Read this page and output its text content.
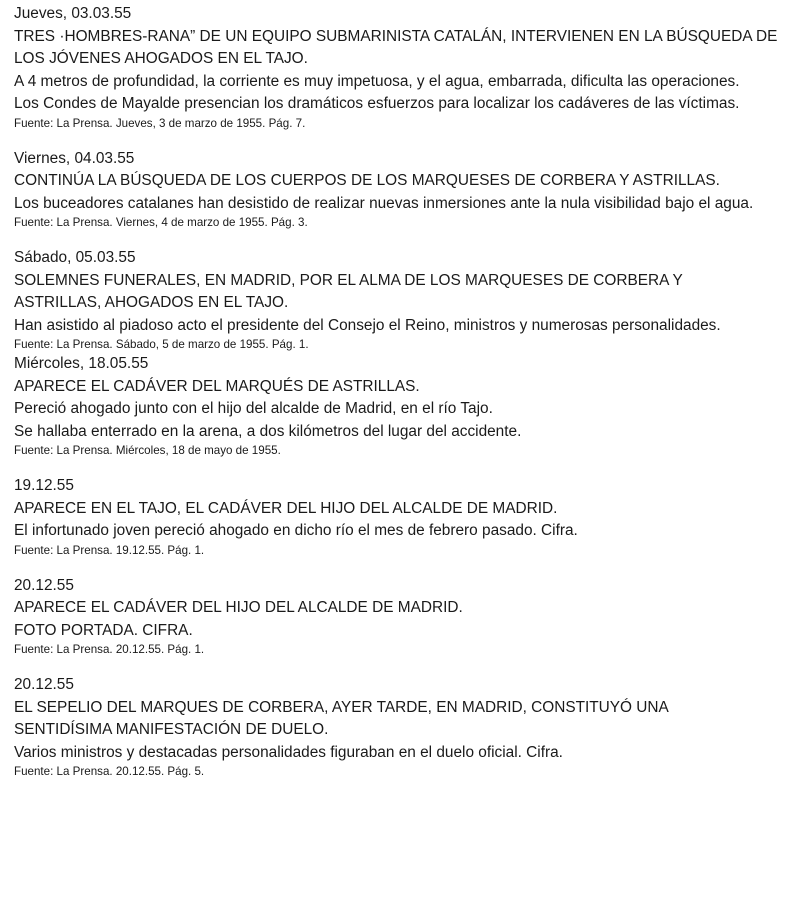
Jueves, 03.03.55
TRES ·HOMBRES-RANA” DE UN EQUIPO SUBMARINISTA CATALÁN, INTERVIENEN EN LA BÚSQUEDA DE LOS JÓVENES AHOGADOS EN EL TAJO.
A 4 metros de profundidad, la corriente es muy impetuosa, y el agua, embarrada, dificulta las operaciones.
Los Condes de Mayalde presencian los dramáticos esfuerzos para localizar los cadáveres de las víctimas.
Fuente: La Prensa. Jueves, 3 de marzo de 1955. Pág. 7.
Viernes, 04.03.55
CONTINÚA LA BÚSQUEDA DE LOS CUERPOS DE LOS MARQUESES DE CORBERA Y ASTRILLAS.
Los buceadores catalanes han desistido de realizar nuevas inmersiones ante la nula visibilidad bajo el agua.
Fuente: La Prensa. Viernes, 4 de marzo de 1955. Pág. 3.
Sábado, 05.03.55
SOLEMNES FUNERALES, EN MADRID, POR EL ALMA DE LOS MARQUESES DE CORBERA Y ASTRILLAS, AHOGADOS EN EL TAJO.
Han asistido al piadoso acto el presidente del Consejo el Reino, ministros y numerosas personalidades.
Fuente: La Prensa. Sábado, 5 de marzo de 1955. Pág. 1.
Miércoles, 18.05.55
APARECE EL CADÁVER DEL MARQUÉS DE ASTRILLAS.
Pereció ahogado junto con el hijo del alcalde de Madrid, en el río Tajo.
Se hallaba enterrado en la arena, a dos kilómetros del lugar del accidente.
Fuente: La Prensa. Miércoles, 18 de mayo de 1955.
19.12.55
APARECE EN EL TAJO, EL CADÁVER DEL HIJO DEL ALCALDE DE MADRID.
El infortunado joven pereció ahogado en dicho río el mes de febrero pasado. Cifra.
Fuente: La Prensa. 19.12.55. Pág. 1.
20.12.55
APARECE EL CADÁVER DEL HIJO DEL ALCALDE DE MADRID.
FOTO PORTADA. CIFRA.
Fuente: La Prensa. 20.12.55. Pág. 1.
20.12.55
EL SEPELIO DEL MARQUES DE CORBERA, AYER TARDE, EN MADRID, CONSTITUYÓ UNA SENTIDÍSIMA MANIFESTACIÓN DE DUELO.
Varios ministros y destacadas personalidades figuraban en el duelo oficial. Cifra.
Fuente: La Prensa. 20.12.55. Pág. 5.
